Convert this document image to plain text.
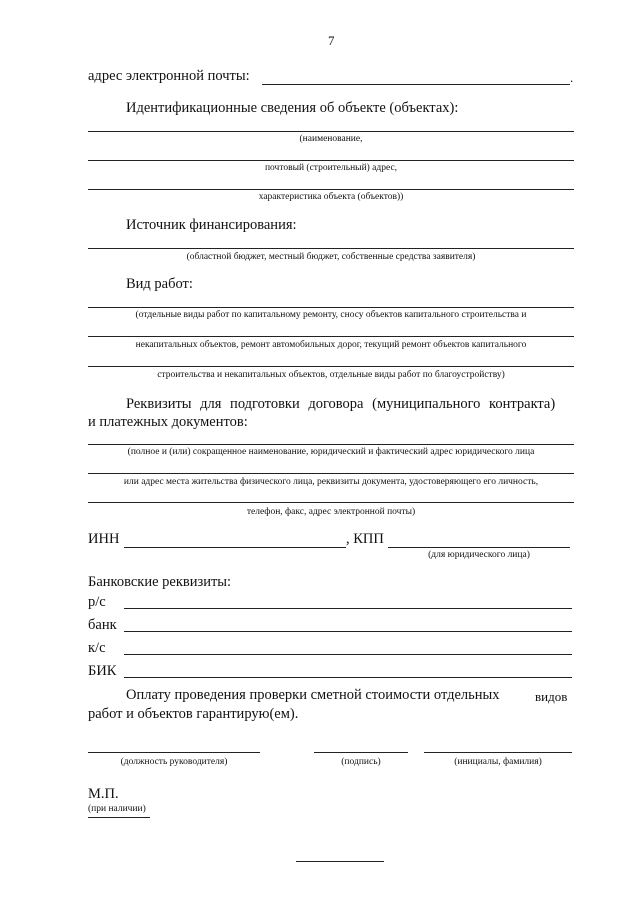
7
адрес электронной почты:	.
Идентификационные сведения об объекте (объектах):
(наименование,
почтовый (строительный) адрес,
характеристика объекта (объектов))
Источник финансирования:
(областной бюджет, местный бюджет, собственные средства заявителя)
Вид работ:
(отдельные виды работ по капитальному ремонту, сносу объектов капитального строительства и
некапитальных объектов, ремонт автомобильных дорог, текущий ремонт объектов капитального
строительства и некапитальных объектов, отдельные виды работ по благоустройству)
Реквизиты для подготовки договора (муниципального контракта)
и платежных документов:
(полное и (или) сокращенное наименование, юридический и фактический адрес юридического лица
или адрес места жительства физического лица, реквизиты документа, удостоверяющего его личность,
телефон, факс, адрес электронной почты)
ИНН	, КПП
(для юридического лица)
Банковские реквизиты:
р/с
банк
к/с
БИК
Оплату проведения проверки сметной стоимости отдельных	видов
работ и объектов гарантирую(ем).
(должность руководителя)	(подпись)	(инициалы, фамилия)
М.П.
(при наличии)
